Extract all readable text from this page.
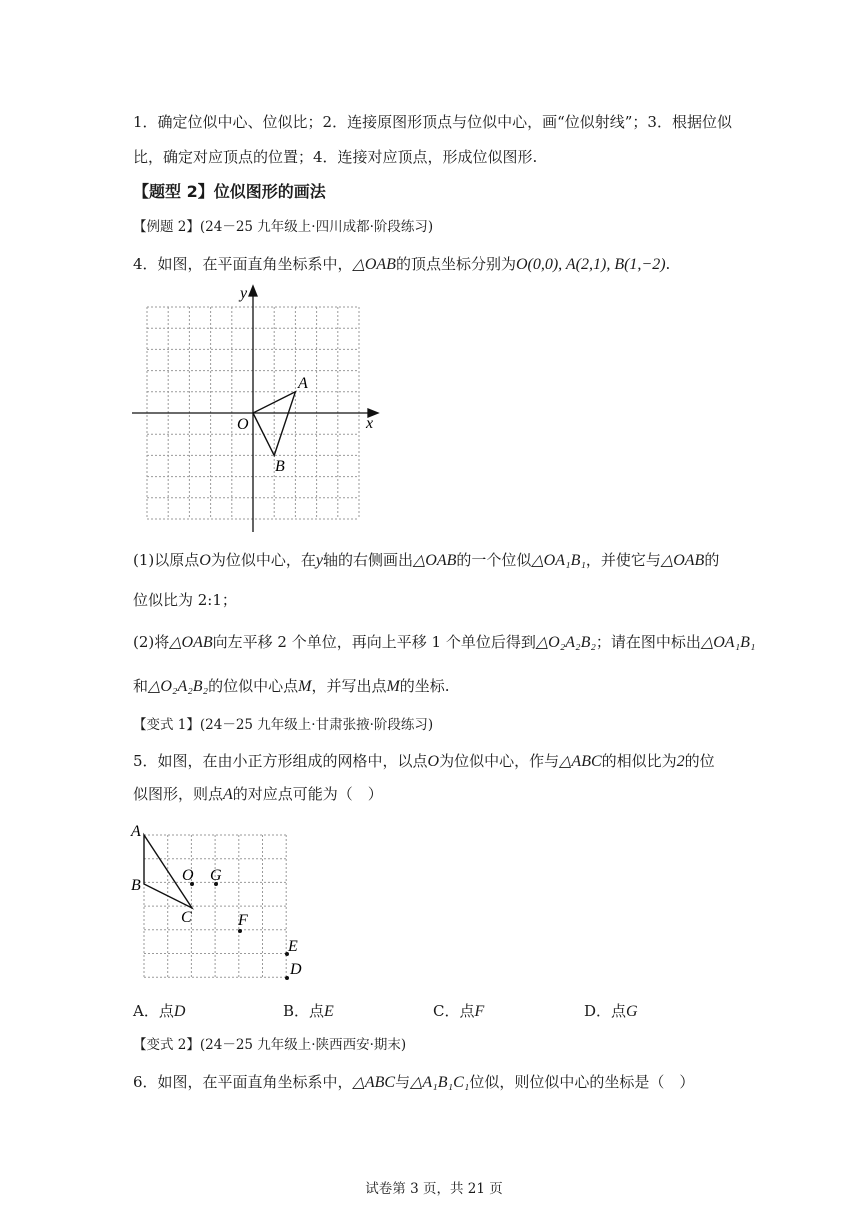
1．确定位似中心、位似比；2．连接原图形顶点与位似中心，画“位似射线”；3．根据位似
比，确定对应顶点的位置；4．连接对应顶点，形成位似图形.
【题型 2】位似图形的画法
【例题 2】(24－25 九年级上·四川成都·阶段练习)
4．如图，在平面直角坐标系中，△OAB的顶点坐标分别为O(0,0), A(2,1), B(1,−2).
y
x
O
A
B
(1)以原点O为位似中心，在y轴的右侧画出△OAB的一个位似△OA₁B₁，并使它与△OAB的
位似比为 2:1；
(2)将△OAB向左平移 2 个单位，再向上平移 1 个单位后得到△O₂A₂B₂；请在图中标出△OA₁B₁
和△O₂A₂B₂的位似中心点M，并写出点M的坐标.
【变式 1】(24－25 九年级上·甘肃张掖·阶段练习)
5．如图，在由小正方形组成的网格中，以点O为位似中心，作与△ABC的相似比为2的位
似图形，则点A的对应点可能为（　）
A
B
C
O G
F
E
D
A．点D	B．点E	C．点F	D．点G
【变式 2】(24－25 九年级上·陕西西安·期末)
6．如图，在平面直角坐标系中，△ABC与△A₁B₁C₁位似，则位似中心的坐标是（　）
试卷第 3 页，共 21 页
